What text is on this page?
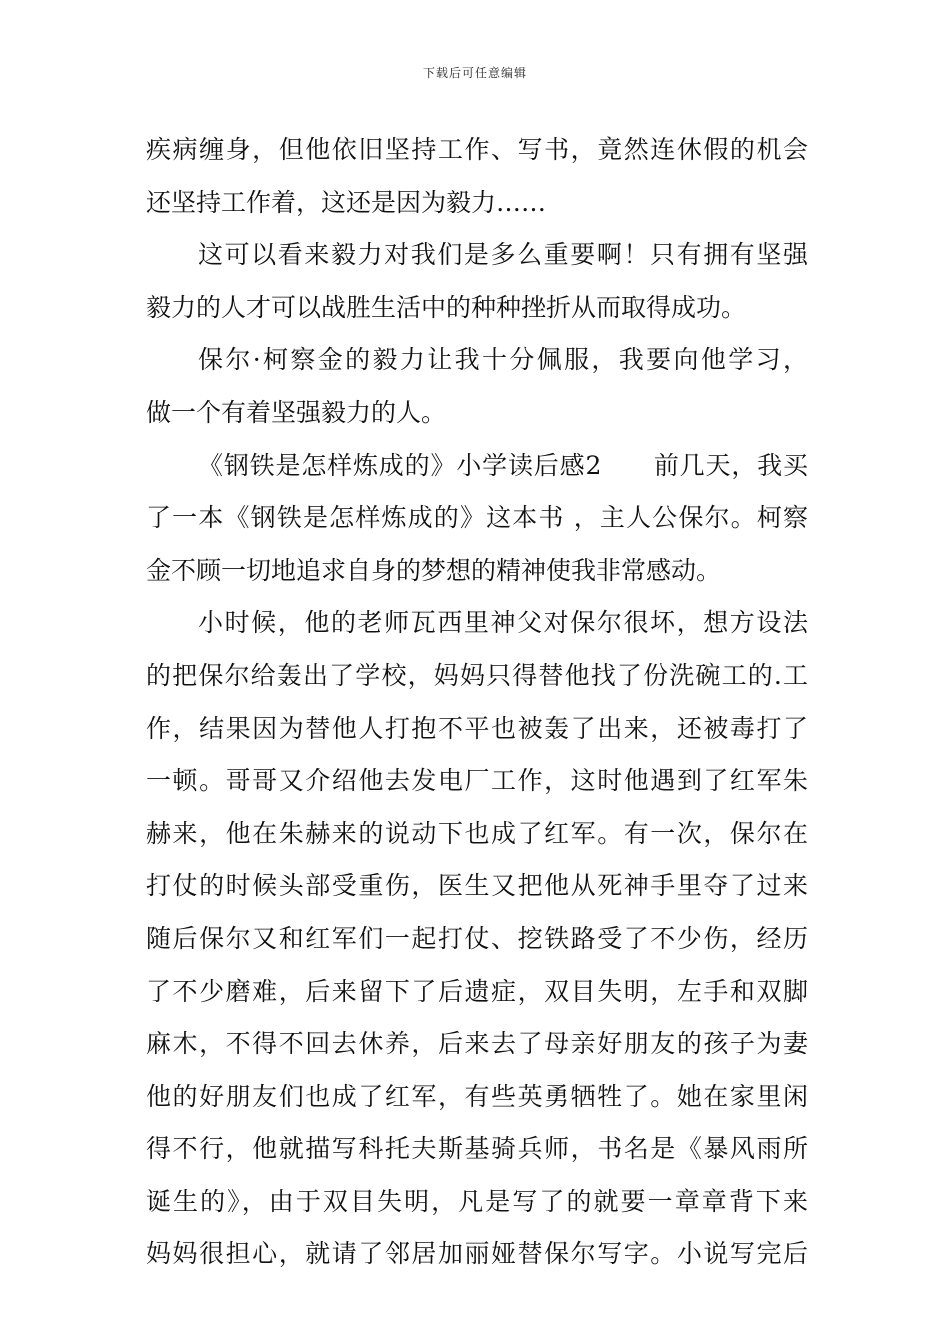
下载后可任意编辑
疾病缠身，但他依旧坚持工作、写书，竟然连休假的机会
还坚持工作着，这还是因为毅力……
这可以看来毅力对我们是多么重要啊！只有拥有坚强
毅力的人才可以战胜生活中的种种挫折从而取得成功。
保尔·柯察金的毅力让我十分佩服，我要向他学习，
做一个有着坚强毅力的人。
《钢铁是怎样炼成的》小学读后感2　　前几天，我买
了一本《钢铁是怎样炼成的》这本书 ，主人公保尔。柯察
金不顾一切地追求自身的梦想的精神使我非常感动。
小时候，他的老师瓦西里神父对保尔很坏，想方设法
的把保尔给轰出了学校，妈妈只得替他找了份洗碗工的.工
作，结果因为替他人打抱不平也被轰了出来，还被毒打了
一顿。哥哥又介绍他去发电厂工作，这时他遇到了红军朱
赫来，他在朱赫来的说动下也成了红军。有一次，保尔在
打仗的时候头部受重伤，医生又把他从死神手里夺了过来
随后保尔又和红军们一起打仗、挖铁路受了不少伤，经历
了不少磨难，后来留下了后遗症，双目失明，左手和双脚
麻木，不得不回去休养，后来去了母亲好朋友的孩子为妻
他的好朋友们也成了红军，有些英勇牺牲了。她在家里闲
得不行，他就描写科托夫斯基骑兵师，书名是《暴风雨所
诞生的》，由于双目失明，凡是写了的就要一章章背下来
妈妈很担心，就请了邻居加丽娅替保尔写字。小说写完后
